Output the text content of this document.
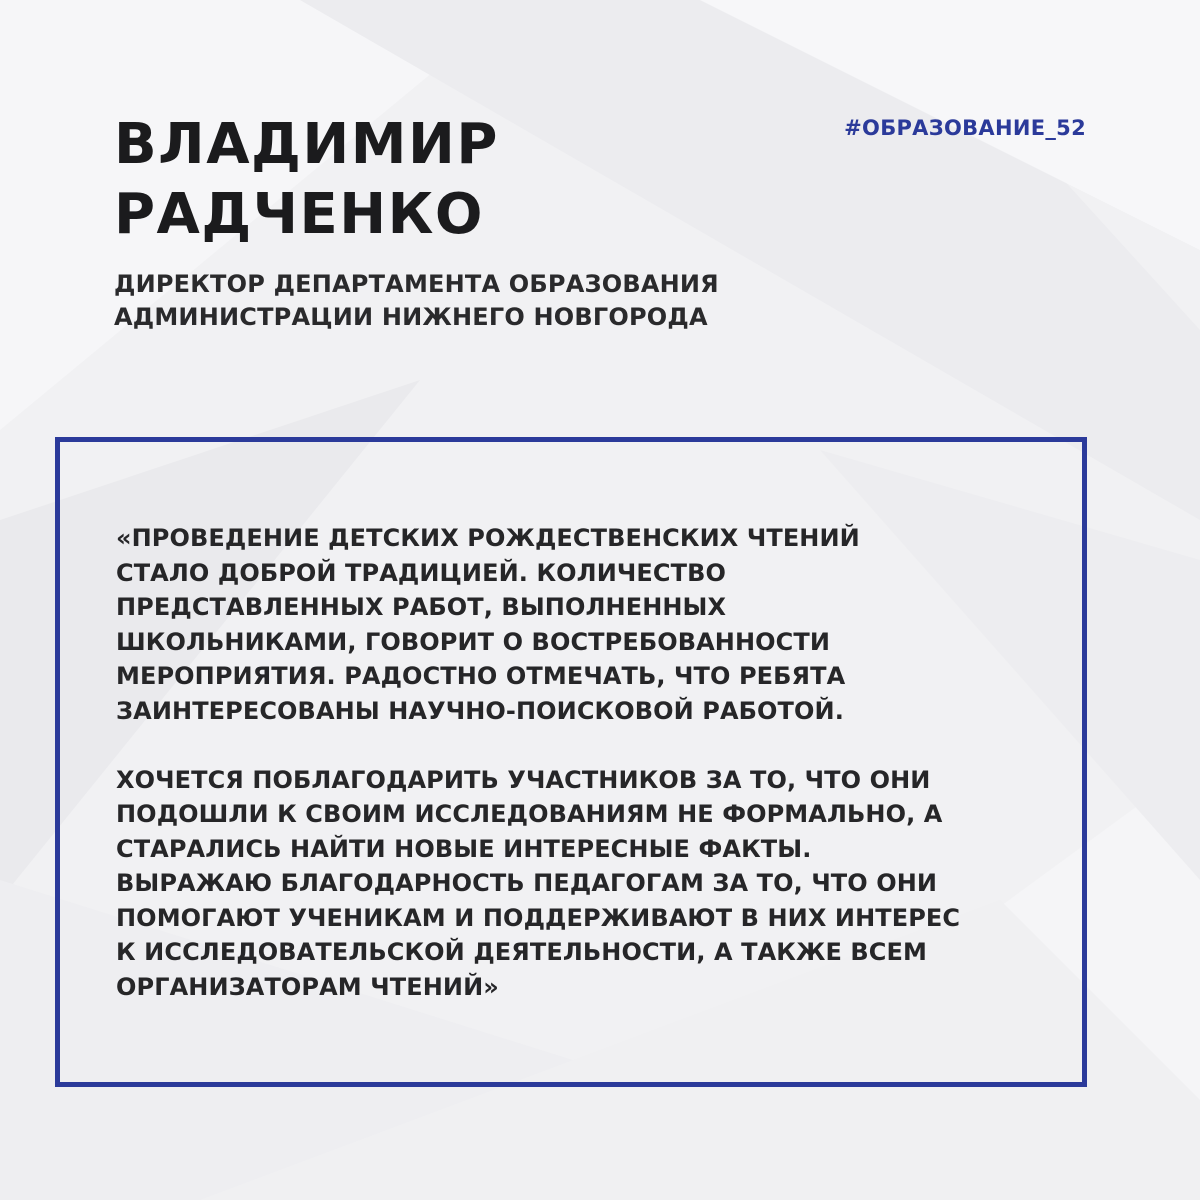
#ОБРАЗОВАНИЕ_52
ВЛАДИМИР
РАДЧЕНКО
ДИРЕКТОР ДЕПАРТАМЕНТА ОБРАЗОВАНИЯ
АДМИНИСТРАЦИИ НИЖНЕГО НОВГОРОДА
«ПРОВЕДЕНИЕ ДЕТСКИХ РОЖДЕСТВЕНСКИХ ЧТЕНИЙ
СТАЛО ДОБРОЙ ТРАДИЦИЕЙ. КОЛИЧЕСТВО
ПРЕДСТАВЛЕННЫХ РАБОТ, ВЫПОЛНЕННЫХ
ШКОЛЬНИКАМИ, ГОВОРИТ О ВОСТРЕБОВАННОСТИ
МЕРОПРИЯТИЯ. РАДОСТНО ОТМЕЧАТЬ, ЧТО РЕБЯТА
ЗАИНТЕРЕСОВАНЫ НАУЧНО-ПОИСКОВОЙ РАБОТОЙ.
ХОЧЕТСЯ ПОБЛАГОДАРИТЬ УЧАСТНИКОВ ЗА ТО, ЧТО ОНИ
ПОДОШЛИ К СВОИМ ИССЛЕДОВАНИЯМ НЕ ФОРМАЛЬНО, А
СТАРАЛИСЬ НАЙТИ НОВЫЕ ИНТЕРЕСНЫЕ ФАКТЫ.
ВЫРАЖАЮ БЛАГОДАРНОСТЬ ПЕДАГОГАМ ЗА ТО, ЧТО ОНИ
ПОМОГАЮТ УЧЕНИКАМ И ПОДДЕРЖИВАЮТ В НИХ ИНТЕРЕС
К ИССЛЕДОВАТЕЛЬСКОЙ ДЕЯТЕЛЬНОСТИ, А ТАКЖЕ ВСЕМ
ОРГАНИЗАТОРАМ ЧТЕНИЙ»
